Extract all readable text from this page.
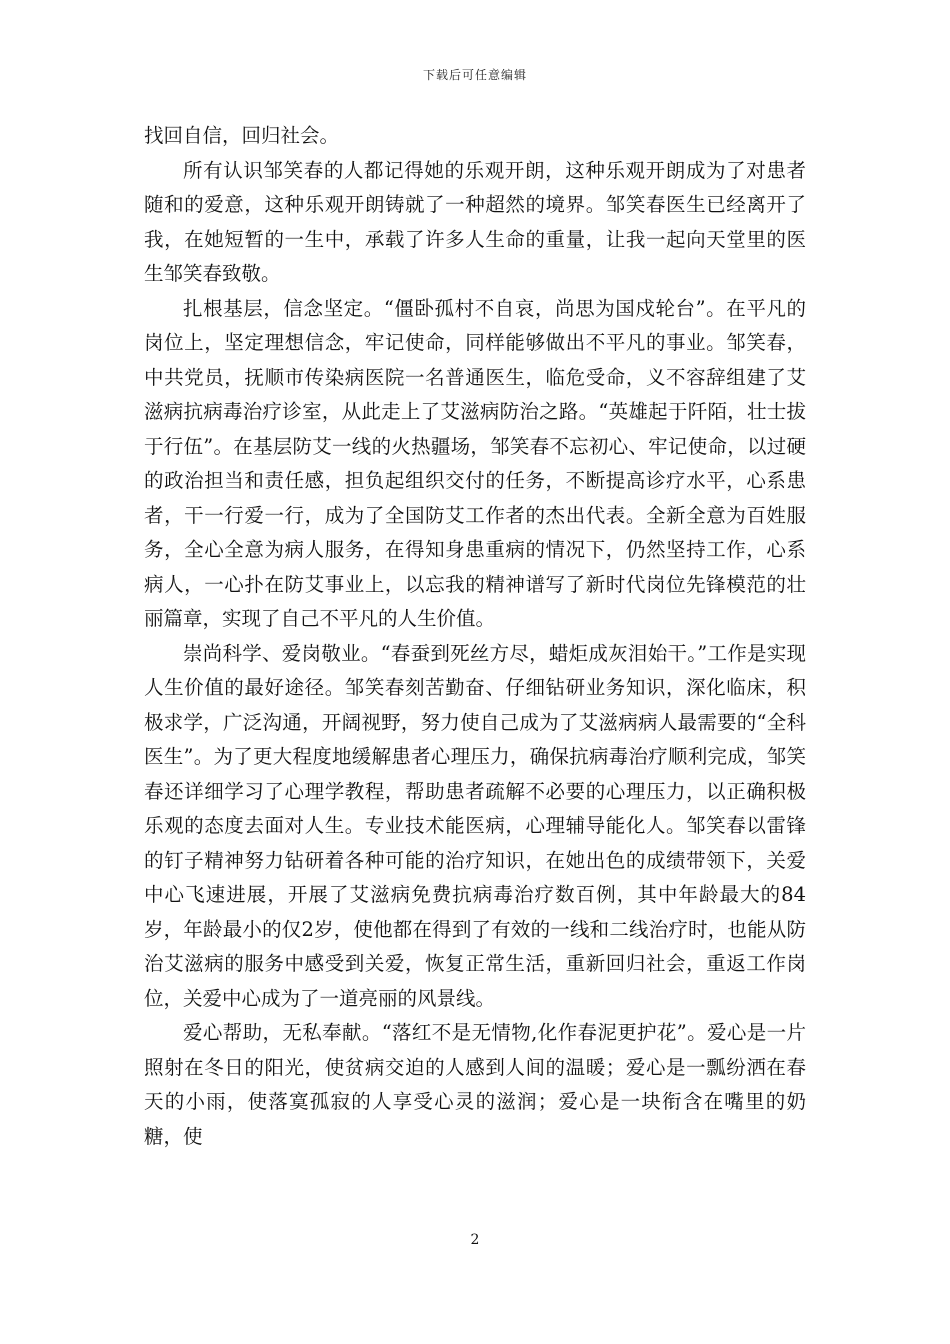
下载后可任意编辑

找回自信，回归社会。

所有认识邹笑春的人都记得她的乐观开朗，这种乐观开朗成为了对患者随和的爱意，这种乐观开朗铸就了一种超然的境界。邹笑春医生已经离开了我，在她短暂的一生中，承载了许多人生命的重量，让我一起向天堂里的医生邹笑春致敬。

扎根基层，信念坚定。“僵卧孤村不自哀，尚思为国戍轮台”。在平凡的岗位上，坚定理想信念，牢记使命，同样能够做出不平凡的事业。邹笑春，中共党员，抚顺市传染病医院一名普通医生，临危受命，义不容辞组建了艾滋病抗病毒治疗诊室，从此走上了艾滋病防治之路。“英雄起于阡陌，壮士拔于行伍”。在基层防艾一线的火热疆场，邹笑春不忘初心、牢记使命，以过硬的政治担当和责任感，担负起组织交付的任务，不断提高诊疗水平，心系患者，干一行爱一行，成为了全国防艾工作者的杰出代表。全新全意为百姓服务，全心全意为病人服务，在得知身患重病的情况下，仍然坚持工作，心系病人，一心扑在防艾事业上，以忘我的精神谱写了新时代岗位先锋模范的壮丽篇章，实现了自己不平凡的人生价值。

崇尚科学、爱岗敬业。“春蚕到死丝方尽，蜡炬成灰泪始干。”工作是实现人生价值的最好途径。邹笑春刻苦勤奋、仔细钻研业务知识，深化临床，积极求学，广泛沟通，开阔视野，努力使自己成为了艾滋病病人最需要的“全科医生”。为了更大程度地缓解患者心理压力，确保抗病毒治疗顺利完成，邹笑春还详细学习了心理学教程，帮助患者疏解不必要的心理压力，以正确积极乐观的态度去面对人生。专业技术能医病，心理辅导能化人。邹笑春以雷锋的钉子精神努力钻研着各种可能的治疗知识，在她出色的成绩带领下，关爱中心飞速进展，开展了艾滋病免费抗病毒治疗数百例，其中年龄最大的84岁，年龄最小的仅2岁，使他都在得到了有效的一线和二线治疗时，也能从防治艾滋病的服务中感受到关爱，恢复正常生活，重新回归社会，重返工作岗位，关爱中心成为了一道亮丽的风景线。

爱心帮助，无私奉献。“落红不是无情物,化作春泥更护花”。爱心是一片照射在冬日的阳光，使贫病交迫的人感到人间的温暖；爱心是一瓢纷洒在春天的小雨，使落寞孤寂的人享受心灵的滋润；爱心是一块衔含在嘴里的奶糖，使

2
